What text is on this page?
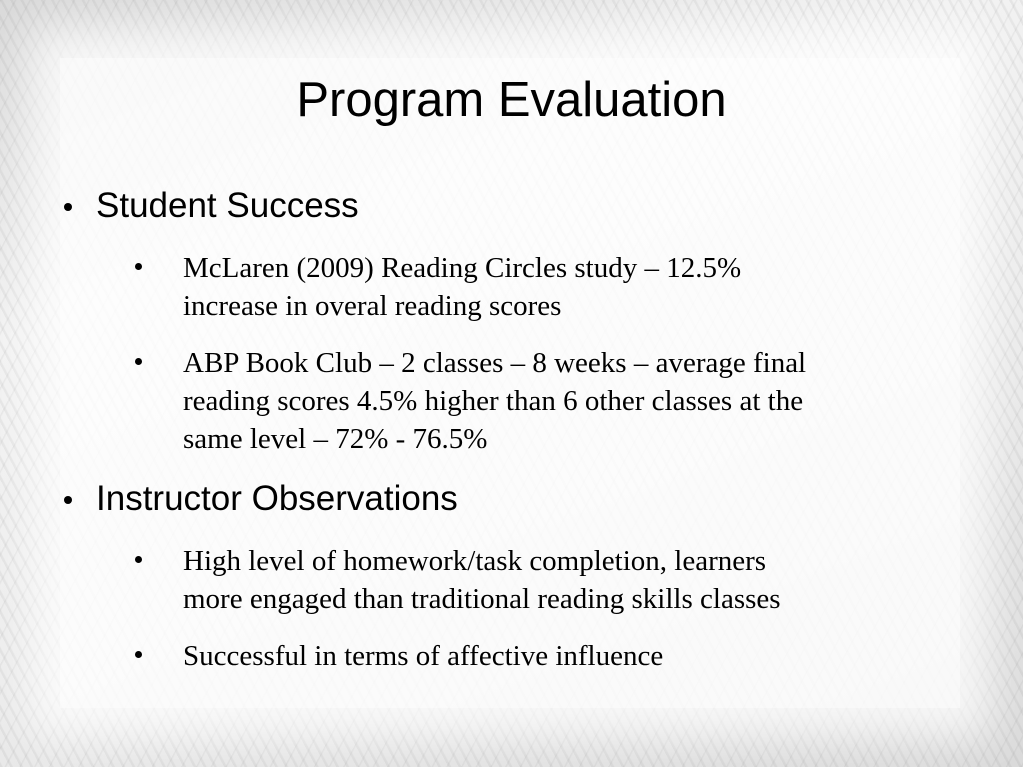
Program Evaluation
Student Success
McLaren (2009) Reading Circles study – 12.5%
increase in overal reading scores
ABP Book Club – 2 classes – 8 weeks – average final
reading scores 4.5% higher than 6 other classes at the
same level – 72% - 76.5%
Instructor Observations
High level of homework/task completion, learners
more engaged than traditional reading skills classes
Successful in terms of affective influence
